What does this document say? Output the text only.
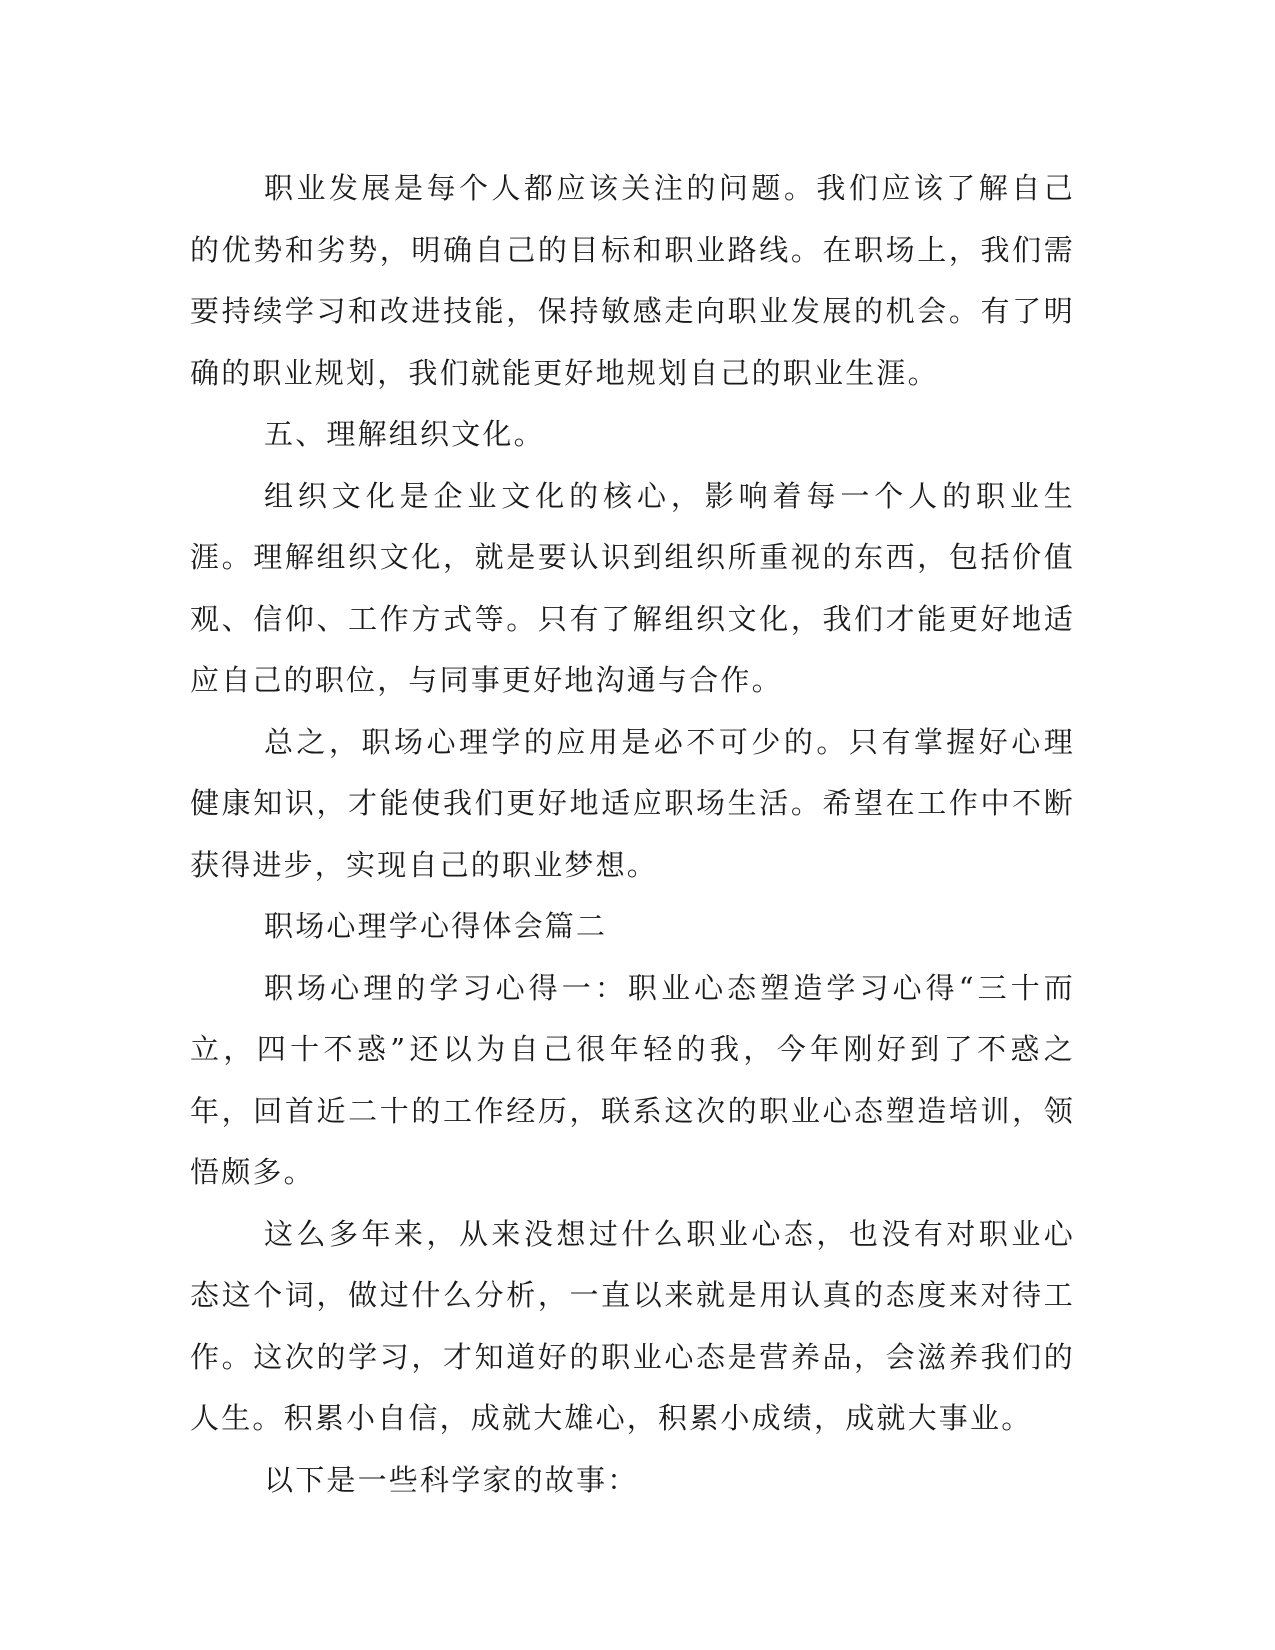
职业发展是每个人都应该关注的问题。我们应该了解自己的优势和劣势，明确自己的目标和职业路线。在职场上，我们需要持续学习和改进技能，保持敏感走向职业发展的机会。有了明确的职业规划，我们就能更好地规划自己的职业生涯。

五、理解组织文化。

组织文化是企业文化的核心，影响着每一个人的职业生涯。理解组织文化，就是要认识到组织所重视的东西，包括价值观、信仰、工作方式等。只有了解组织文化，我们才能更好地适应自己的职位，与同事更好地沟通与合作。

总之，职场心理学的应用是必不可少的。只有掌握好心理健康知识，才能使我们更好地适应职场生活。希望在工作中不断获得进步，实现自己的职业梦想。

职场心理学心得体会篇二

职场心理的学习心得一：职业心态塑造学习心得“三十而立，四十不惑”还以为自己很年轻的我，今年刚好到了不惑之年，回首近二十的工作经历，联系这次的职业心态塑造培训，领悟颇多。

这么多年来，从来没想过什么职业心态，也没有对职业心态这个词，做过什么分析，一直以来就是用认真的态度来对待工作。这次的学习，才知道好的职业心态是营养品，会滋养我们的人生。积累小自信，成就大雄心，积累小成绩，成就大事业。

以下是一些科学家的故事：
